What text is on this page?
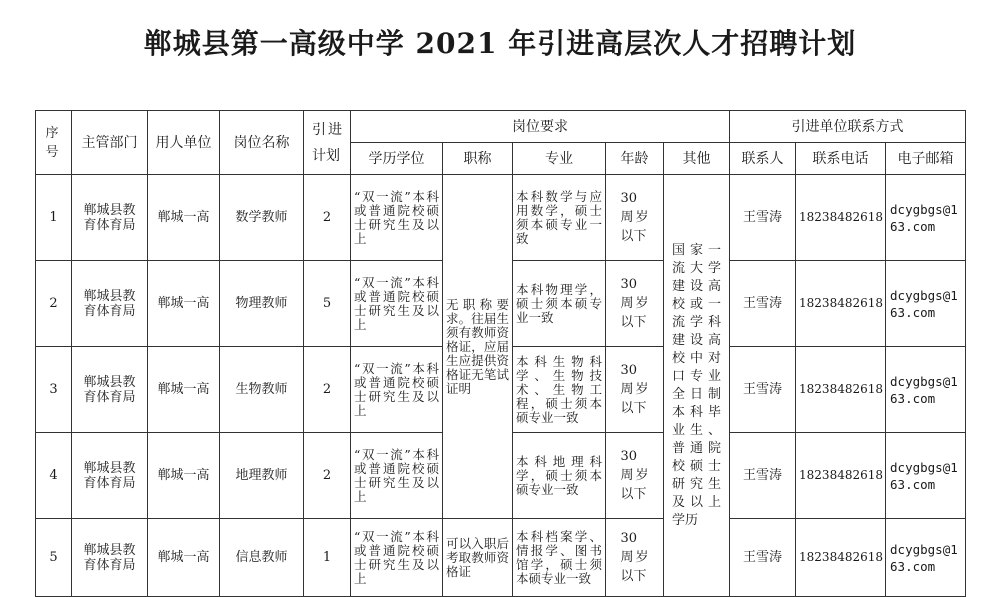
郸城县第一高级中学 2021 年引进高层次人才招聘计划
序号	主管部门	用人单位	岗位名称	引进计划	岗位要求					引进单位联系方式		
					学历学位	职称	专业	年龄	其他	联系人	联系电话	电子邮箱
1	郸城县教育体育局	郸城一高	数学教师	2	“双一流”本科或普通院校硕士研究生及以上	无职称要求。往届生须有教师资格证，应届生应提供资格证无笔试证明	本科数学与应用数学，硕士须本硕专业一致	30周岁以下	国家一流大学建设高校或一流学科建设高校中对口专业全日制本科毕业生、普通院校硕士研究生及以上学历	王雪涛	18238482618	dcygbgs@163.com
2	郸城县教育体育局	郸城一高	物理教师	5	“双一流”本科或普通院校硕士研究生及以上		本科物理学，硕士须本硕专业一致	30周岁以下		王雪涛	18238482618	dcygbgs@163.com
3	郸城县教育体育局	郸城一高	生物教师	2	“双一流”本科或普通院校硕士研究生及以上		本科生物科学、生物技术、生物工程，硕士须本硕专业一致	30周岁以下		王雪涛	18238482618	dcygbgs@163.com
4	郸城县教育体育局	郸城一高	地理教师	2	“双一流”本科或普通院校硕士研究生及以上		本科地理科学，硕士须本硕专业一致	30周岁以下		王雪涛	18238482618	dcygbgs@163.com
5	郸城县教育体育局	郸城一高	信息教师	1	“双一流”本科或普通院校硕士研究生及以上	可以入职后考取教师资格证	本科档案学、情报学、图书馆学，硕士须本硕专业一致	30周岁以下		王雪涛	18238482618	dcygbgs@163.com
